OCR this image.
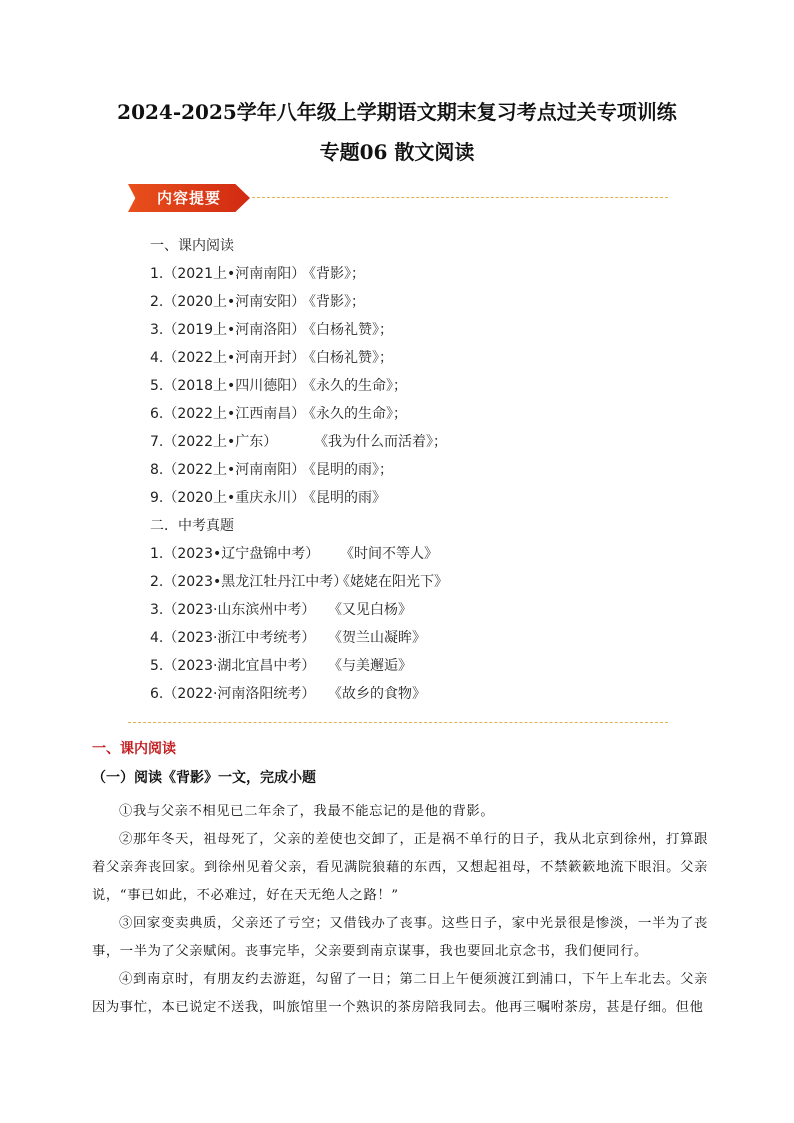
2024-2025学年八年级上学期语文期末复习考点过关专项训练
专题06 散文阅读
内容提要
一、课内阅读
1.（2021上•河南南阳）《背影》；
2.（2020上•河南安阳）《背影》；
3.（2019上•河南洛阳）《白杨礼赞》；
4.（2022上•河南开封）《白杨礼赞》；
5.（2018上•四川德阳）《永久的生命》；
6.（2022上•江西南昌）《永久的生命》；
7.（2022上•广东）	《我为什么而活着》；
8.（2022上•河南南阳）《昆明的雨》；
9.（2020上•重庆永川）《昆明的雨》
二．中考真题
1.（2023•辽宁盘锦中考） 《时间不等人》
2.（2023•黑龙江牡丹江中考）《姥姥在阳光下》
3.（2023·山东滨州中考） 《又见白杨》
4.（2023·浙江中考统考） 《贺兰山凝眸》
5.（2023·湖北宜昌中考） 《与美邂逅》
6.（2022·河南洛阳统考） 《故乡的食物》
一、课内阅读
（一）阅读《背影》一文，完成小题

①我与父亲不相见已二年余了，我最不能忘记的是他的背影。

②那年冬天，祖母死了，父亲的差使也交卸了，正是祸不单行的日子，我从北京到徐州，打算跟着父亲奔丧回家。到徐州见着父亲，看见满院狼藉的东西，又想起祖母，不禁簌簌地流下眼泪。父亲说，“事已如此，不必难过，好在天无绝人之路！”

③回家变卖典质，父亲还了亏空；又借钱办了丧事。这些日子，家中光景很是惨淡，一半为了丧事，一半为了父亲赋闲。丧事完毕，父亲要到南京谋事，我也要回北京念书，我们便同行。

④到南京时，有朋友约去游逛，勾留了一日；第二日上午便须渡江到浦口，下午上车北去。父亲因为事忙，本已说定不送我，叫旅馆里一个熟识的茶房陪我同去。他再三嘱咐茶房，甚是仔细。但他
